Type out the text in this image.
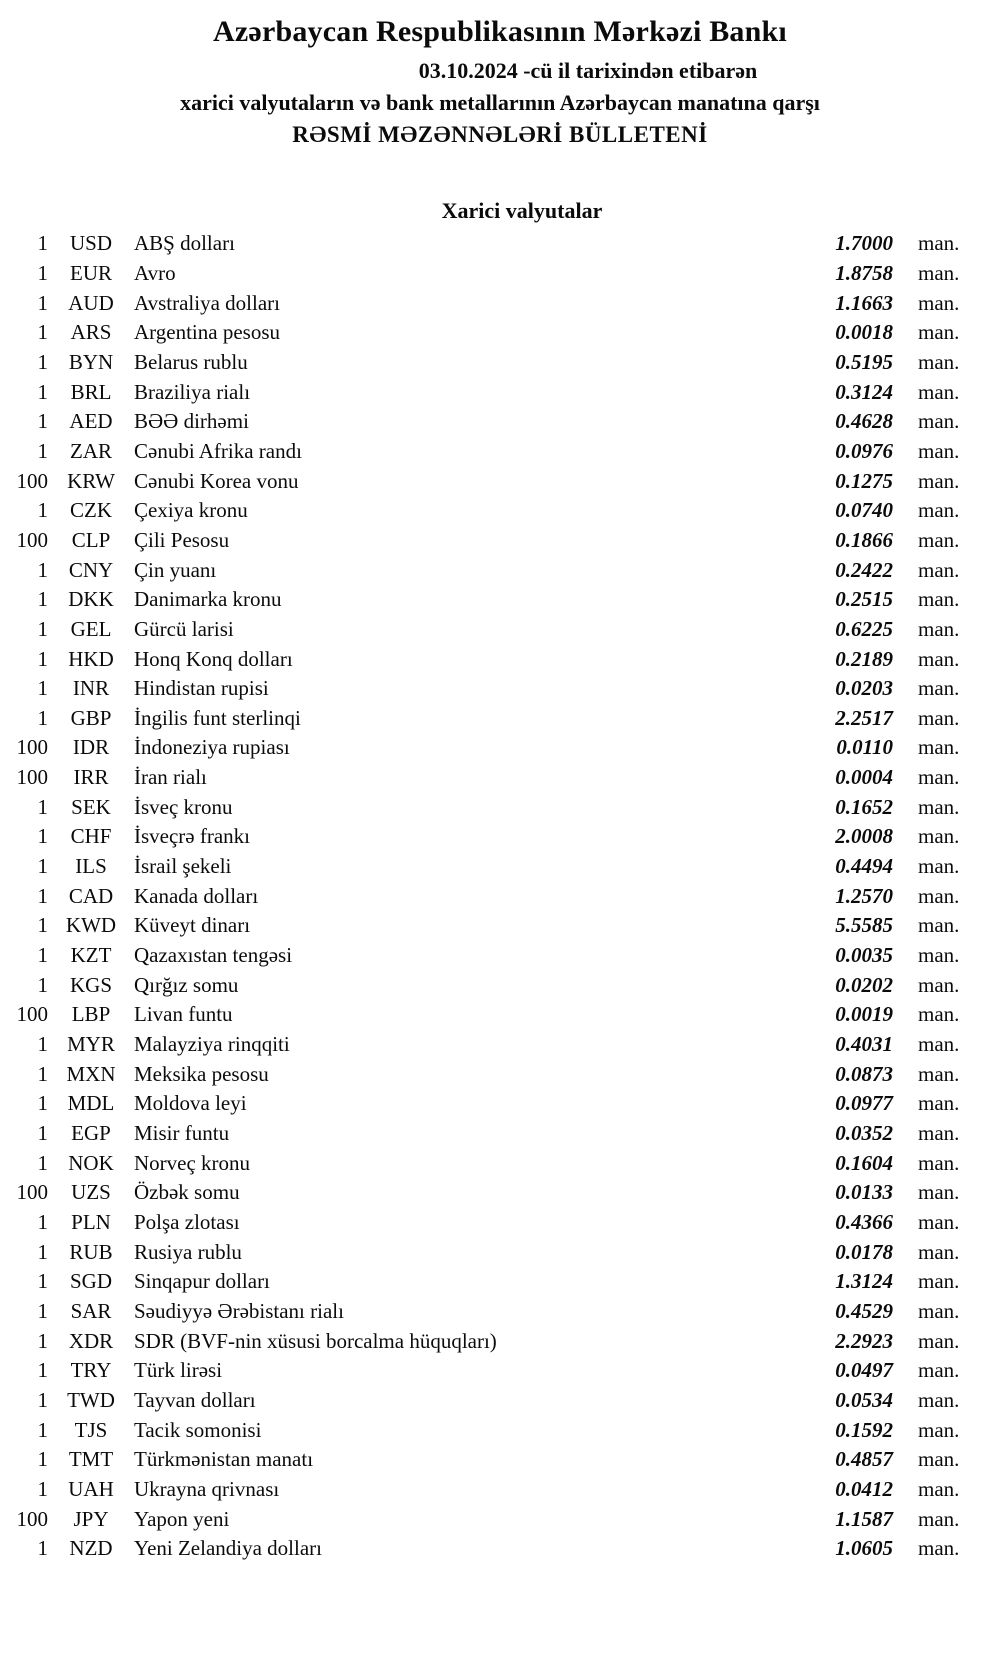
Azərbaycan Respublikasının Mərkəzi Bankı
03.10.2024 -cü il tarixindən etibarən
xarici valyutaların və bank metallarının Azərbaycan manatına qarşı
RƏSMİ MƏZƏNNƏLƏRİ BÜLLETENİ
Xarici valyutalar
1	USD	ABŞ dolları	1.7000	man.
1	EUR	Avro	1.8758	man.
1 AUD Avstraliya dolları	1.1663	man.
1	ARS	Argentina pesosu	0.0018	man.
1 BYN Belarus rublu	0.5195	man.
1	BRL	Braziliya rialı	0.3124	man.
1	AED	BƏƏ dirhəmi	0.4628	man.
1	ZAR	Cənubi Afrika randı	0.0976	man.
100 KRW Cənubi Korea vonu	0.1275	man.
1	CZK	Çexiya kronu	0.0740	man.
100	CLP	Çili Pesosu	0.1866	man.
1 CNY Çin yuanı	0.2422	man.
1 DKK Danimarka kronu	0.2515	man.
1	GEL	Gürcü larisi	0.6225	man.
1 HKD Honq Konq dolları	0.2189	man.
1	INR	Hindistan rupisi	0.0203	man.
1	GBP	İngilis funt sterlinqi	2.2517	man.
100	IDR	İndoneziya rupiası	0.0110	man.
100	IRR	İran rialı	0.0004	man.
1	SEK	İsveç kronu	0.1652	man.
1	CHF	İsveçrə frankı	2.0008	man.
1	ILS	İsrail şekeli	0.4494	man.
1 CAD Kanada dolları	1.2570	man.
1 KWD Küveyt dinarı	5.5585	man.
1	KZT	Qazaxıstan tengəsi	0.0035	man.
1	KGS	Qırğız somu	0.0202	man.
100	LBP	Livan funtu	0.0019	man.
1 MYR Malayziya rinqqiti	0.4031	man.
1 MXN Meksika pesosu	0.0873	man.
1 MDL Moldova leyi	0.0977	man.
1	EGP	Misir funtu	0.0352	man.
1 NOK Norveç kronu	0.1604	man.
100	UZS	Özbək somu	0.0133	man.
1	PLN	Polşa zlotası	0.4366	man.
1	RUB	Rusiya rublu	0.0178	man.
1	SGD	Sinqapur dolları	1.3124	man.
1	SAR	Səudiyyə Ərəbistanı rialı	0.4529	man.
1 XDR SDR (BVF-nin xüsusi borcalma hüquqları)	2.2923	man.
1	TRY	Türk lirəsi	0.0497	man.
1 TWD Tayvan dolları	0.0534	man.
1	TJS	Tacik somonisi	0.1592	man.
1 TMT Türkmənistan manatı	0.4857	man.
1 UAH Ukrayna qrivnası	0.0412	man.
100	JPY	Yapon yeni	1.1587	man.
1	NZD	Yeni Zelandiya dolları	1.0605	man.
